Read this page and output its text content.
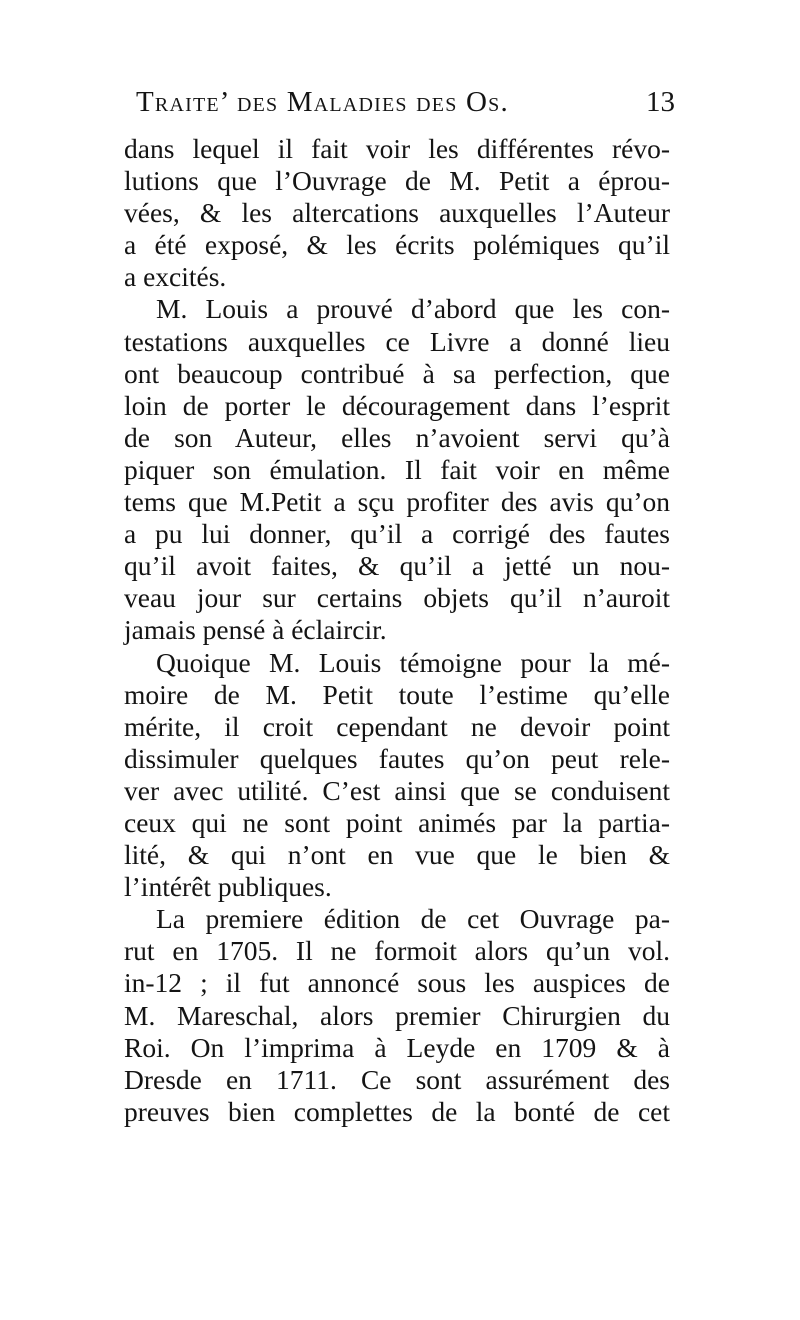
Traite’ des Maladies des Os.	13
dans lequel il fait voir les différentes révo-
lutions que l’Ouvrage de M. Petit a éprou-
vées, & les altercations auxquelles l’Auteur
a été exposé, & les écrits polémiques qu’il
a excités.
M. Louis a prouvé d’abord que les con-
testations auxquelles ce Livre a donné lieu
ont beaucoup contribué à sa perfection, que
loin de porter le découragement dans l’esprit
de son Auteur, elles n’avoient servi qu’à
piquer son émulation. Il fait voir en même
tems que M.Petit a sçu profiter des avis qu’on
a pu lui donner, qu’il a corrigé des fautes
qu’il avoit faites, & qu’il a jetté un nou-
veau jour sur certains objets qu’il n’auroit
jamais pensé à éclaircir.
Quoique M. Louis témoigne pour la mé-
moire de M. Petit toute l’estime qu’elle
mérite, il croit cependant ne devoir point
dissimuler quelques fautes qu’on peut rele-
ver avec utilité. C’est ainsi que se conduisent
ceux qui ne sont point animés par la partia-
lité, & qui n’ont en vue que le bien &
l’intérêt publiques.
La premiere édition de cet Ouvrage pa-
rut en 1705. Il ne formoit alors qu’un vol.
in-12 ; il fut annoncé sous les auspices de
M. Mareschal, alors premier Chirurgien du
Roi. On l’imprima à Leyde en 1709 & à
Dresde en 1711. Ce sont assurément des
preuves bien complettes de la bonté de cet
